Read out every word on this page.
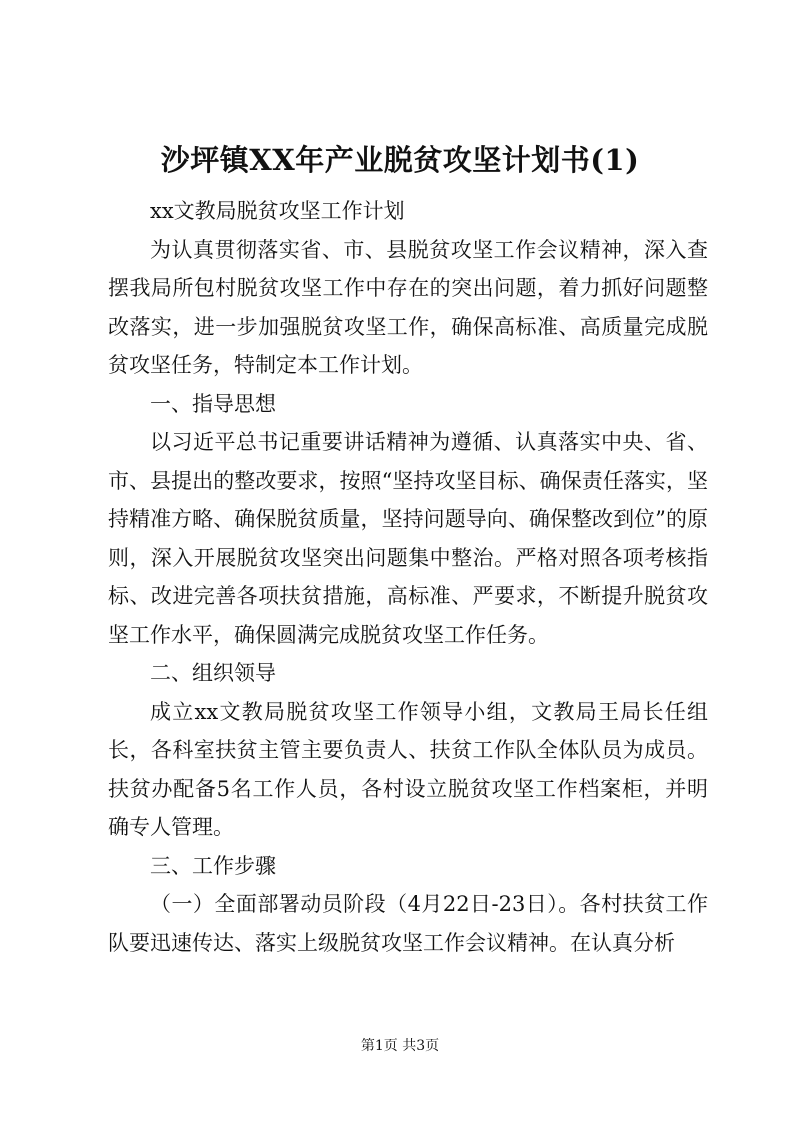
沙坪镇XX年产业脱贫攻坚计划书(1)

xx文教局脱贫攻坚工作计划

为认真贯彻落实省、市、县脱贫攻坚工作会议精神，深入查摆我局所包村脱贫攻坚工作中存在的突出问题，着力抓好问题整改落实，进一步加强脱贫攻坚工作，确保高标准、高质量完成脱贫攻坚任务，特制定本工作计划。

一、指导思想

以习近平总书记重要讲话精神为遵循、认真落实中央、省、市、县提出的整改要求，按照“坚持攻坚目标、确保责任落实，坚持精准方略、确保脱贫质量，坚持问题导向、确保整改到位”的原则，深入开展脱贫攻坚突出问题集中整治。严格对照各项考核指标、改进完善各项扶贫措施，高标准、严要求，不断提升脱贫攻坚工作水平，确保圆满完成脱贫攻坚工作任务。

二、组织领导

成立xx文教局脱贫攻坚工作领导小组，文教局王局长任组长，各科室扶贫主管主要负责人、扶贫工作队全体队员为成员。扶贫办配备5名工作人员，各村设立脱贫攻坚工作档案柜，并明确专人管理。

三、工作步骤

（一）全面部署动员阶段（4月22日-23日）。各村扶贫工作队要迅速传达、落实上级脱贫攻坚工作会议精神。在认真分析

第1页 共3页
